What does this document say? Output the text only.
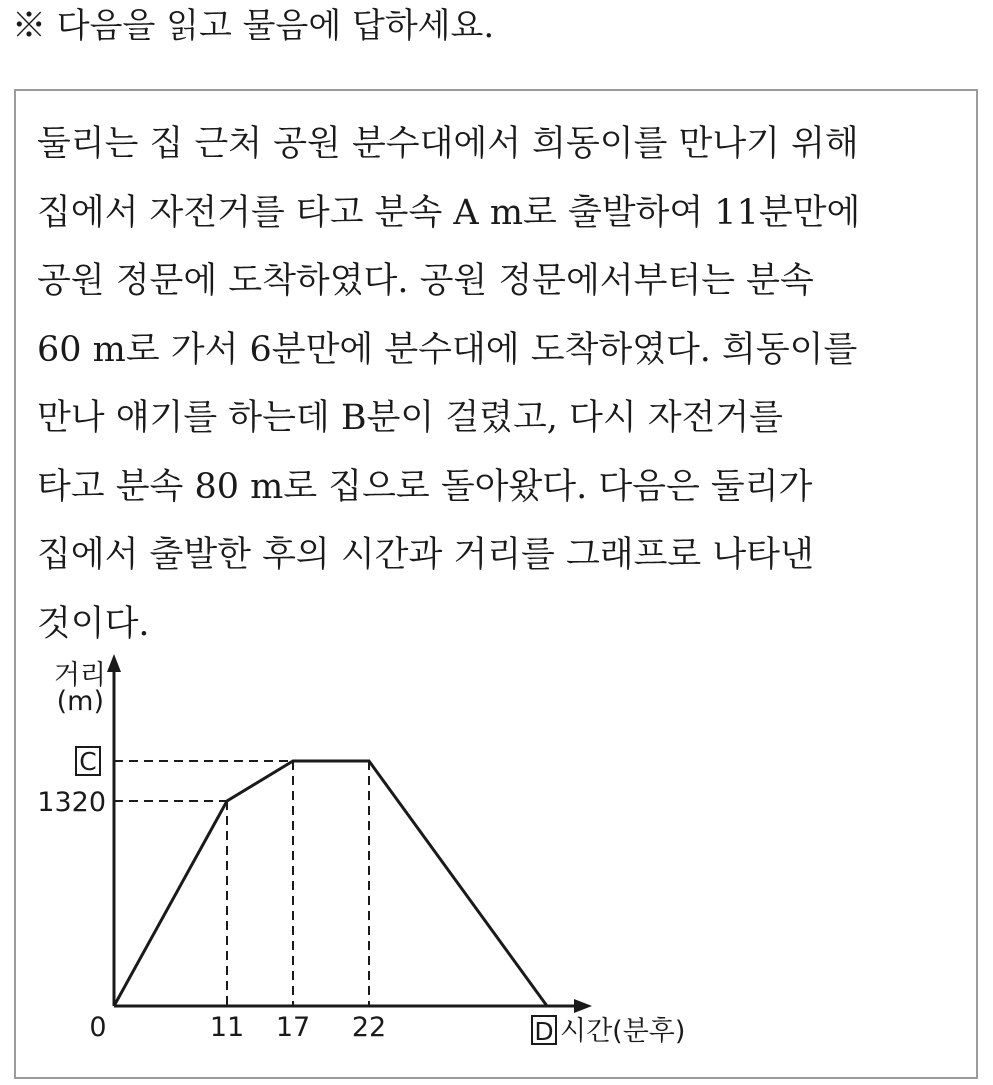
※ 다음을 읽고 물음에 답하세요.
둘리는 집 근처 공원 분수대에서 희동이를 만나기 위해
집에서 자전거를 타고 분속 A m로 출발하여 11분만에
공원 정문에 도착하였다. 공원 정문에서부터는 분속
60 m로 가서 6분만에 분수대에 도착하였다. 희동이를
만나 얘기를 하는데 B분이 걸렸고, 다시 자전거를
타고 분속 80 m로 집으로 돌아왔다. 다음은 둘리가
집에서 출발한 후의 시간과 거리를 그래프로 나타낸
것이다.
거리
(m)
11 17 22
1320
0
C
D 시간(분후)
